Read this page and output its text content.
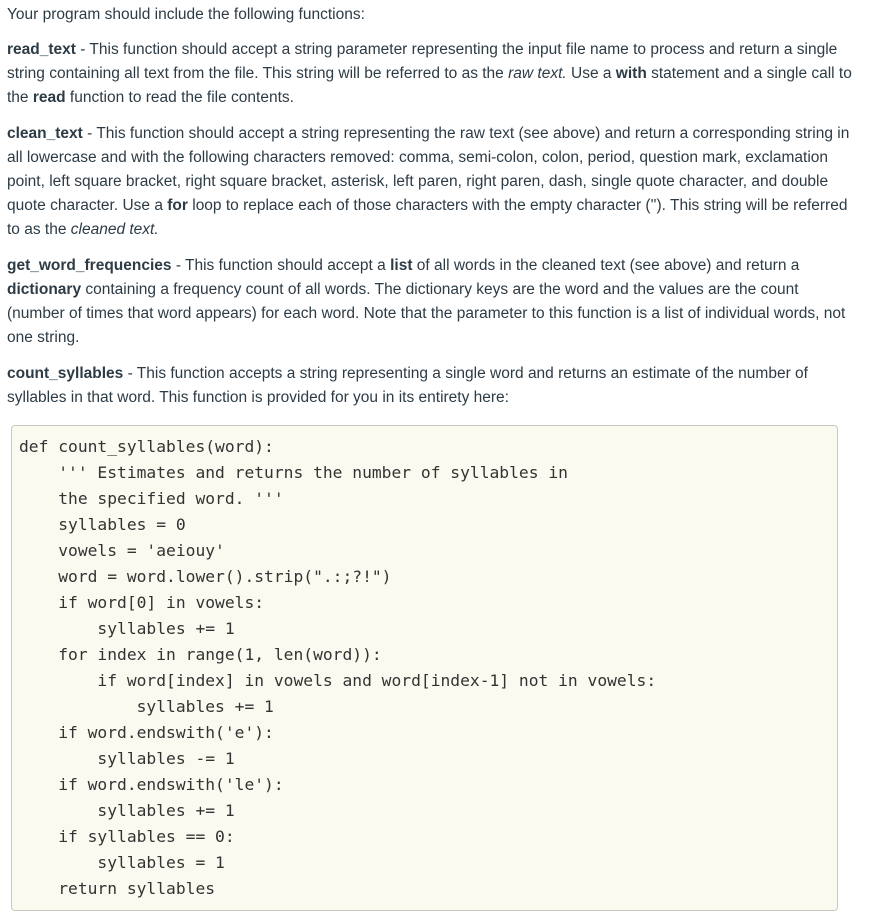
Your program should include the following functions:

read_text - This function should accept a string parameter representing the input file name to process and return a single string containing all text from the file. This string will be referred to as the raw text. Use a with statement and a single call to the read function to read the file contents.

clean_text - This function should accept a string representing the raw text (see above) and return a corresponding string in all lowercase and with the following characters removed: comma, semi-colon, colon, period, question mark, exclamation point, left square bracket, right square bracket, asterisk, left paren, right paren, dash, single quote character, and double quote character. Use a for loop to replace each of those characters with the empty character (''). This string will be referred to as the cleaned text.

get_word_frequencies - This function should accept a list of all words in the cleaned text (see above) and return a dictionary containing a frequency count of all words. The dictionary keys are the word and the values are the count (number of times that word appears) for each word. Note that the parameter to this function is a list of individual words, not one string.

count_syllables - This function accepts a string representing a single word and returns an estimate of the number of syllables in that word. This function is provided for you in its entirety here:

def count_syllables(word):
''' Estimates and returns the number of syllables in
the specified word. '''
syllables = 0
vowels = 'aeiouy'
word = word.lower().strip(".:;?!")
if word[0] in vowels:
syllables += 1
for index in range(1, len(word)):
if word[index] in vowels and word[index-1] not in vowels:
syllables += 1
if word.endswith('e'):
syllables -= 1
if word.endswith('le'):
syllables += 1
if syllables == 0:
syllables = 1
return syllables
